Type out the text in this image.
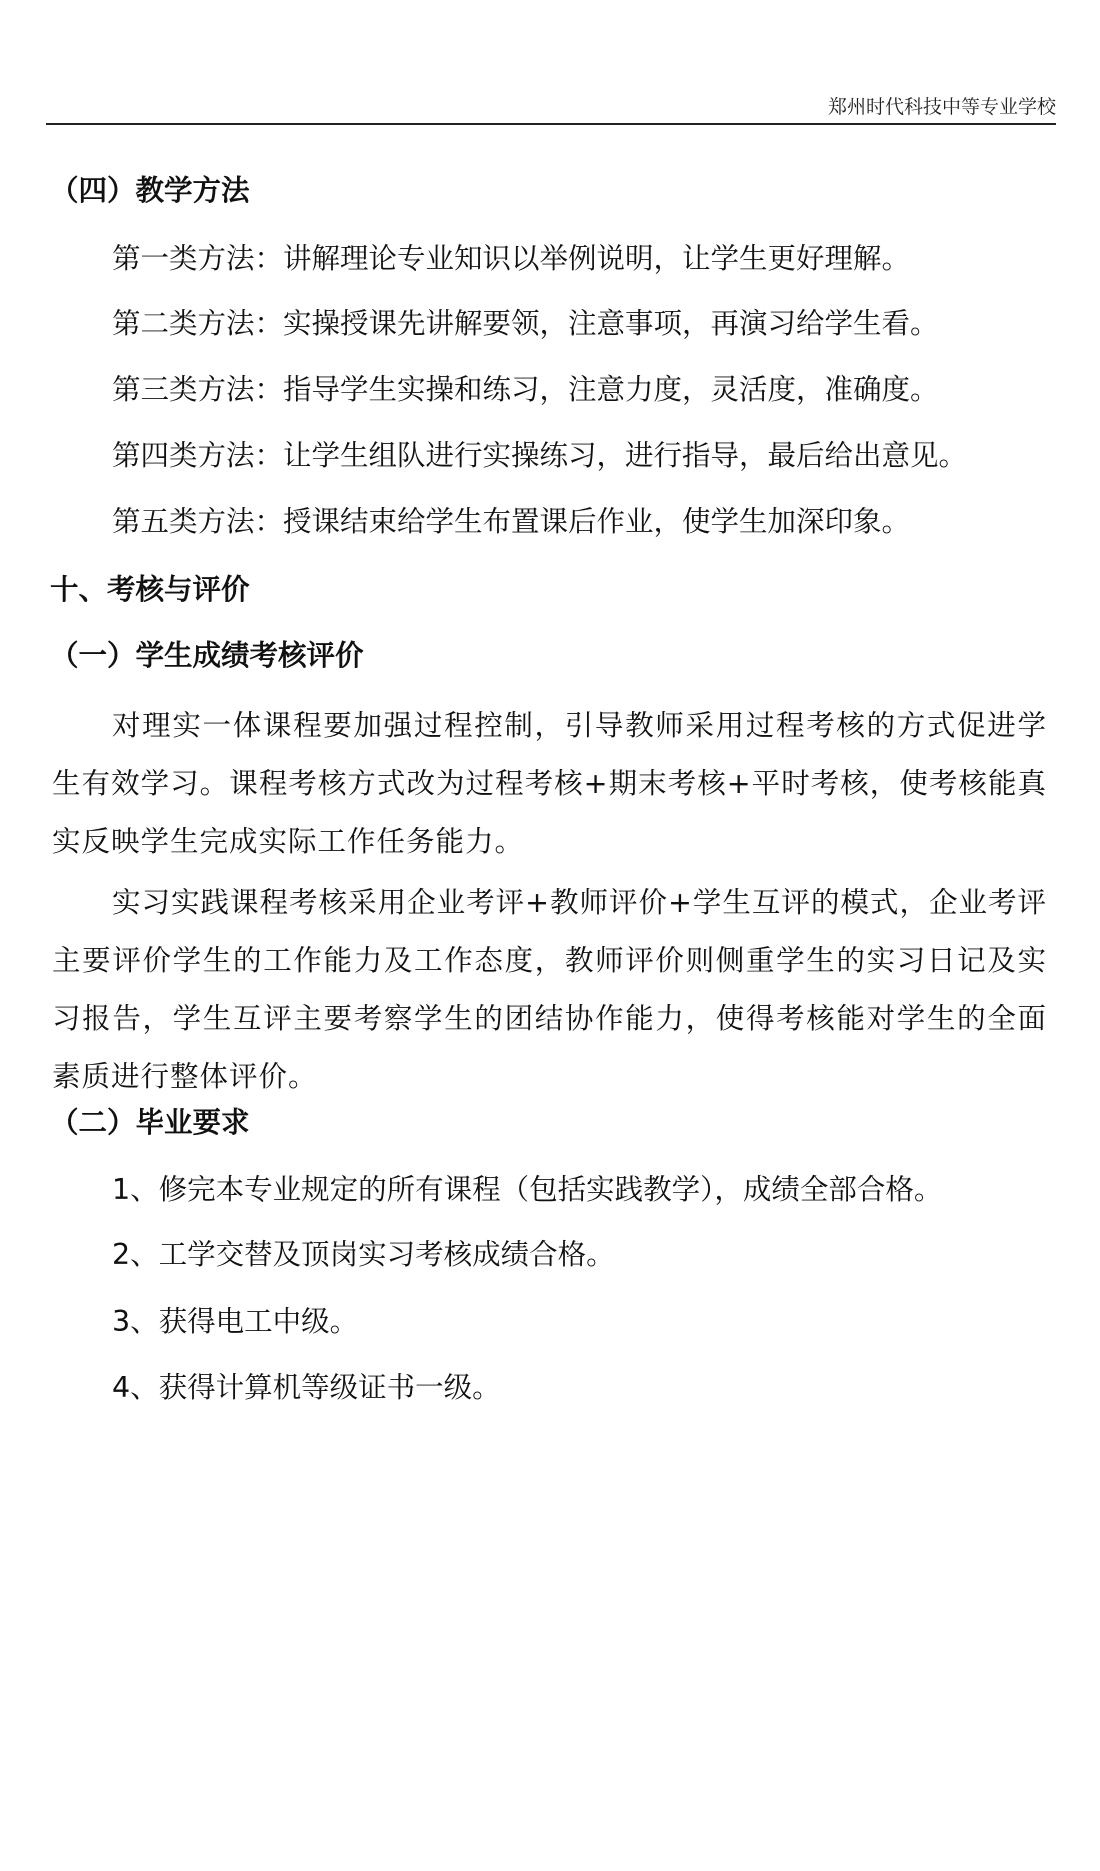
郑州时代科技中等专业学校
（四）教学方法
第一类方法：讲解理论专业知识以举例说明，让学生更好理解。
第二类方法：实操授课先讲解要领，注意事项，再演习给学生看。
第三类方法：指导学生实操和练习，注意力度，灵活度，准确度。
第四类方法：让学生组队进行实操练习，进行指导，最后给出意见。
第五类方法：授课结束给学生布置课后作业，使学生加深印象。
十、考核与评价
（一）学生成绩考核评价
对理实一体课程要加强过程控制，引导教师采用过程考核的方式促进学生有效学习。课程考核方式改为过程考核+期末考核+平时考核，使考核能真实反映学生完成实际工作任务能力。
实习实践课程考核采用企业考评+教师评价+学生互评的模式，企业考评主要评价学生的工作能力及工作态度，教师评价则侧重学生的实习日记及实习报告，学生互评主要考察学生的团结协作能力，使得考核能对学生的全面素质进行整体评价。
（二）毕业要求
1、修完本专业规定的所有课程（包括实践教学），成绩全部合格。
2、工学交替及顶岗实习考核成绩合格。
3、获得电工中级。
4、获得计算机等级证书一级。
